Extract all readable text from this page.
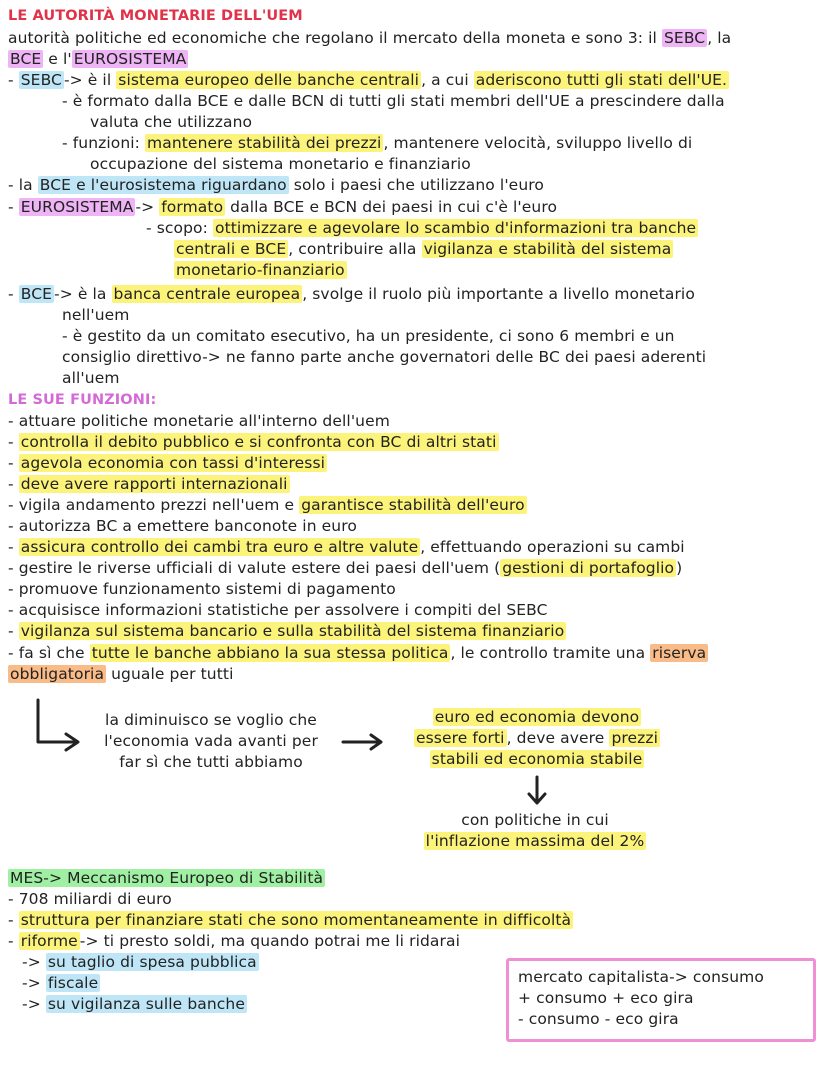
LE AUTORITÀ MONETARIE DELL'UEM
autorità politiche ed economiche che regolano il mercato della moneta e sono 3: il SEBC , la
BCE e l' EUROSISTEMA
- SEBC -> è il sistema europeo delle banche centrali , a cui aderiscono tutti gli stati dell'UE.
- è formato dalla BCE e dalle BCN di tutti gli stati membri dell'UE a prescindere dalla
valuta che utilizzano
- funzioni: mantenere stabilità dei prezzi , mantenere velocità, sviluppo livello di
occupazione del sistema monetario e finanziario
- la BCE e l'eurosistema riguardano solo i paesi che utilizzano l'euro
- EUROSISTEMA -> formato dalla BCE e BCN dei paesi in cui c'è l'euro
- scopo: ottimizzare e agevolare lo scambio d'informazioni tra banche
centrali e BCE , contribuire alla vigilanza e stabilità del sistema
monetario-finanziario
- BCE -> è la banca centrale europea , svolge il ruolo più importante a livello monetario
nell'uem
- è gestito da un comitato esecutivo, ha un presidente, ci sono 6 membri e un
consiglio direttivo-> ne fanno parte anche governatori delle BC dei paesi aderenti
all'uem
LE SUE FUNZIONI:
- attuare politiche monetarie all'interno dell'uem
- controlla il debito pubblico e si confronta con BC di altri stati
- agevola economia con tassi d'interessi
- deve avere rapporti internazionali
- vigila andamento prezzi nell'uem e garantisce stabilità dell'euro
- autorizza BC a emettere banconote in euro
- assicura controllo dei cambi tra euro e altre valute , effettuando operazioni su cambi
- gestire le riverse ufficiali di valute estere dei paesi dell'uem ( gestioni di portafoglio )
- promuove funzionamento sistemi di pagamento
- acquisisce informazioni statistiche per assolvere i compiti del SEBC
- vigilanza sul sistema bancario e sulla stabilità del sistema finanziario
- fa sì che tutte le banche abbiano la sua stessa politica , le controllo tramite una riserva
obbligatoria uguale per tutti
la diminuisco se voglio che
l'economia vada avanti per
far sì che tutti abbiamo
euro ed economia devono
essere forti , deve avere prezzi
stabili ed economia stabile
con politiche in cui
l'inflazione massima del 2%
MES-> Meccanismo Europeo di Stabilità
- 708 miliardi di euro
- struttura per finanziare stati che sono momentaneamente in difficoltà
- riforme -> ti presto soldi, ma quando potrai me li ridarai
-> su taglio di spesa pubblica
-> fiscale
-> su vigilanza sulle banche
mercato capitalista-> consumo
+ consumo + eco gira
- consumo - eco gira
